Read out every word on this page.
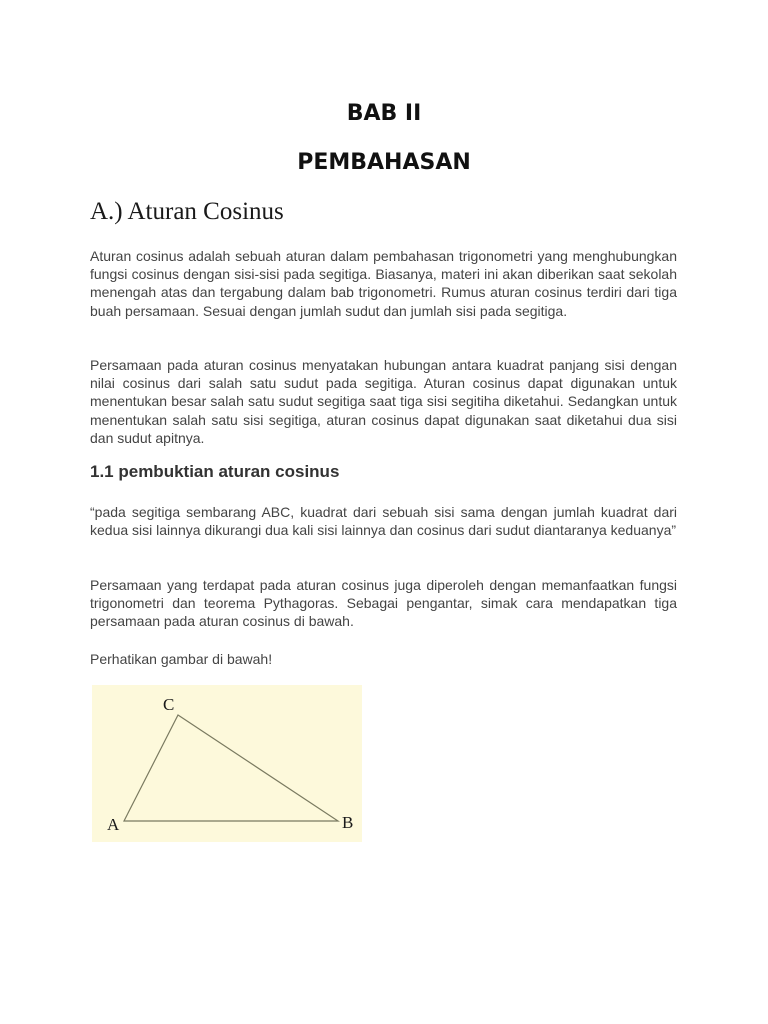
BAB II
PEMBAHASAN
A.) Aturan Cosinus

Aturan cosinus adalah sebuah aturan dalam pembahasan trigonometri yang menghubungkan fungsi cosinus dengan sisi-sisi pada segitiga. Biasanya, materi ini akan diberikan saat sekolah menengah atas dan tergabung dalam bab trigonometri. Rumus aturan cosinus terdiri dari tiga buah persamaan. Sesuai dengan jumlah sudut dan jumlah sisi pada segitiga.

Persamaan pada aturan cosinus menyatakan hubungan antara kuadrat panjang sisi dengan nilai cosinus dari salah satu sudut pada segitiga. Aturan cosinus dapat digunakan untuk menentukan besar salah satu sudut segitiga saat tiga sisi segitiha diketahui. Sedangkan untuk menentukan salah satu sisi segitiga, aturan cosinus dapat digunakan saat diketahui dua sisi dan sudut apitnya.

1.1 pembuktian aturan cosinus

“pada segitiga sembarang ABC, kuadrat dari sebuah sisi sama dengan jumlah kuadrat dari kedua sisi lainnya dikurangi dua kali sisi lainnya dan cosinus dari sudut diantaranya keduanya”

Persamaan yang terdapat pada aturan cosinus juga diperoleh dengan memanfaatkan fungsi trigonometri dan teorema Pythagoras. Sebagai pengantar, simak cara mendapatkan tiga persamaan pada aturan cosinus di bawah.

Perhatikan gambar di bawah!

C
A	B
